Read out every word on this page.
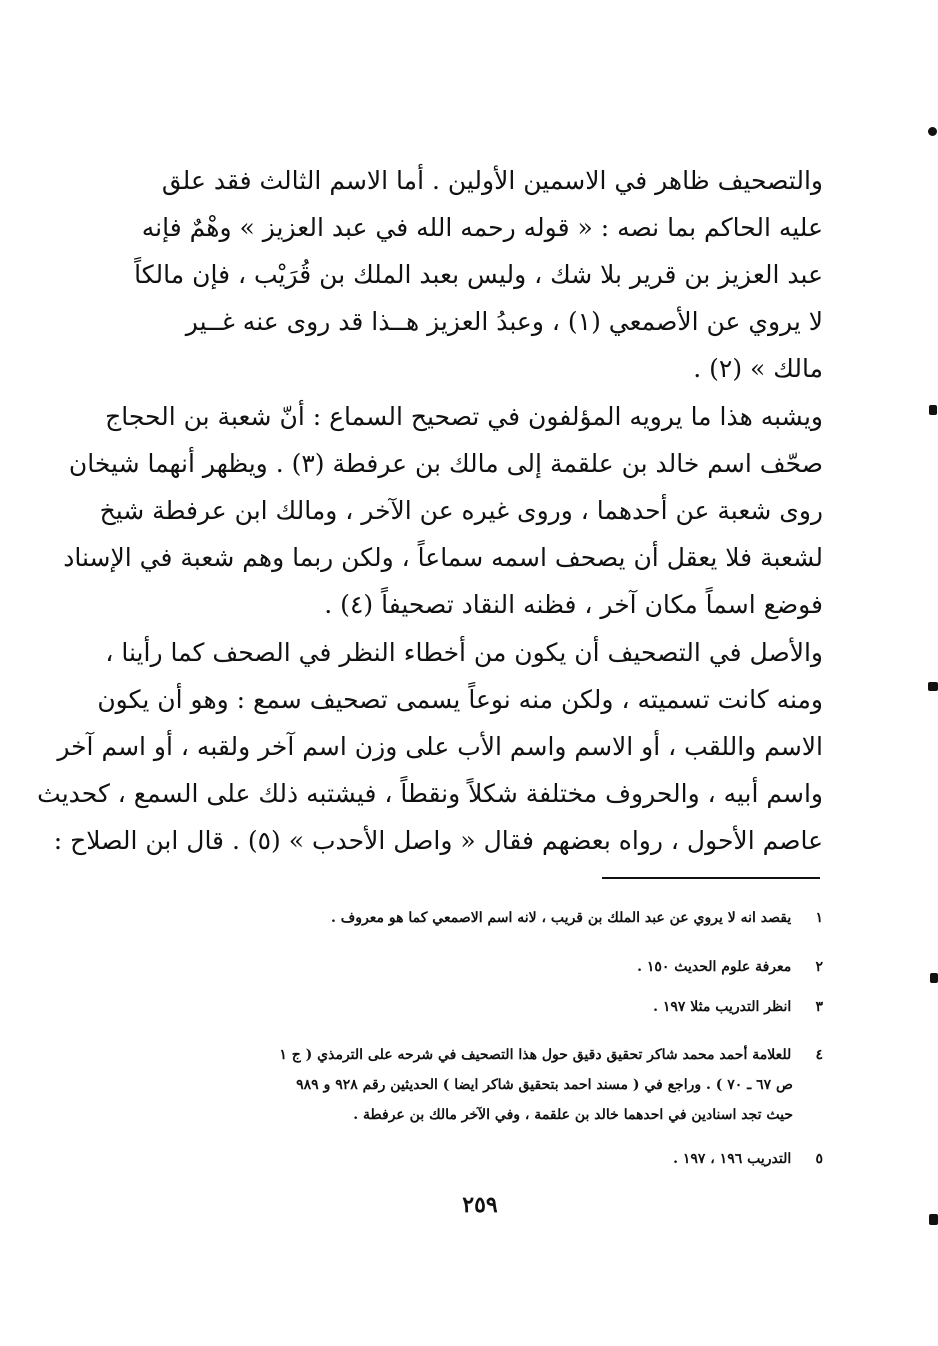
والتصحيف ظاهر في الاسمين الأولين . أما الاسم الثالث فقد علق
عليه الحاكم بما نصه : « قوله رحمه الله في عبد العزيز » وهْمٌ فإنه
عبد العزيز بن قرير بلا شك ، وليس بعبد الملك بن قُرَيْب ، فإن مالكاً
لا يروي عن الأصمعي (١) ، وعبدُ العزيز هــذا قد روى عنه غــير
مالك » (٢) .
ويشبه هذا ما يرويه المؤلفون في تصحيح السماع : أنّ شعبة بن الحجاج
صحّف اسم خالد بن علقمة إلى مالك بن عرفطة (٣) . ويظهر أنهما شيخان
روى شعبة عن أحدهما ، وروى غيره عن الآخر ، ومالك ابن عرفطة شيخ
لشعبة فلا يعقل أن يصحف اسمه سماعاً ، ولكن ربما وهم شعبة في الإسناد
فوضع اسماً مكان آخر ، فظنه النقاد تصحيفاً (٤) .
والأصل في التصحيف أن يكون من أخطاء النظر في الصحف كما رأينا ،
ومنه كانت تسميته ، ولكن منه نوعاً يسمى تصحيف سمع : وهو أن يكون
الاسم واللقب ، أو الاسم واسم الأب على وزن اسم آخر ولقبه ، أو اسم آخر
واسم أبيه ، والحروف مختلفة شكلاً ونقطاً ، فيشتبه ذلك على السمع ، كحديث
عاصم الأحول ، رواه بعضهم فقال « واصل الأحدب » (٥) . قال ابن الصلاح :
١  يقصد انه لا يروي عن عبد الملك بن قريب ، لانه اسم الاصمعي كما هو معروف .
٢  معرفة علوم الحديث ١٥٠ .
٣  انظر التدريب مثلا ١٩٧ .
٤  للعلامة أحمد محمد شاكر تحقيق دقيق حول هذا التصحيف في شرحه على الترمذي ( ج ١
ص ٦٧ ـ ٧٠ ) . وراجع في ( مسند احمد بتحقيق شاكر ايضا ) الحديثين رقم ٩٢٨ و ٩٨٩
حيث تجد اسنادين في احدهما خالد بن علقمة ، وفي الآخر مالك بن عرفطة .
٥  التدريب ١٩٦ ، ١٩٧ .
٢٥٩
